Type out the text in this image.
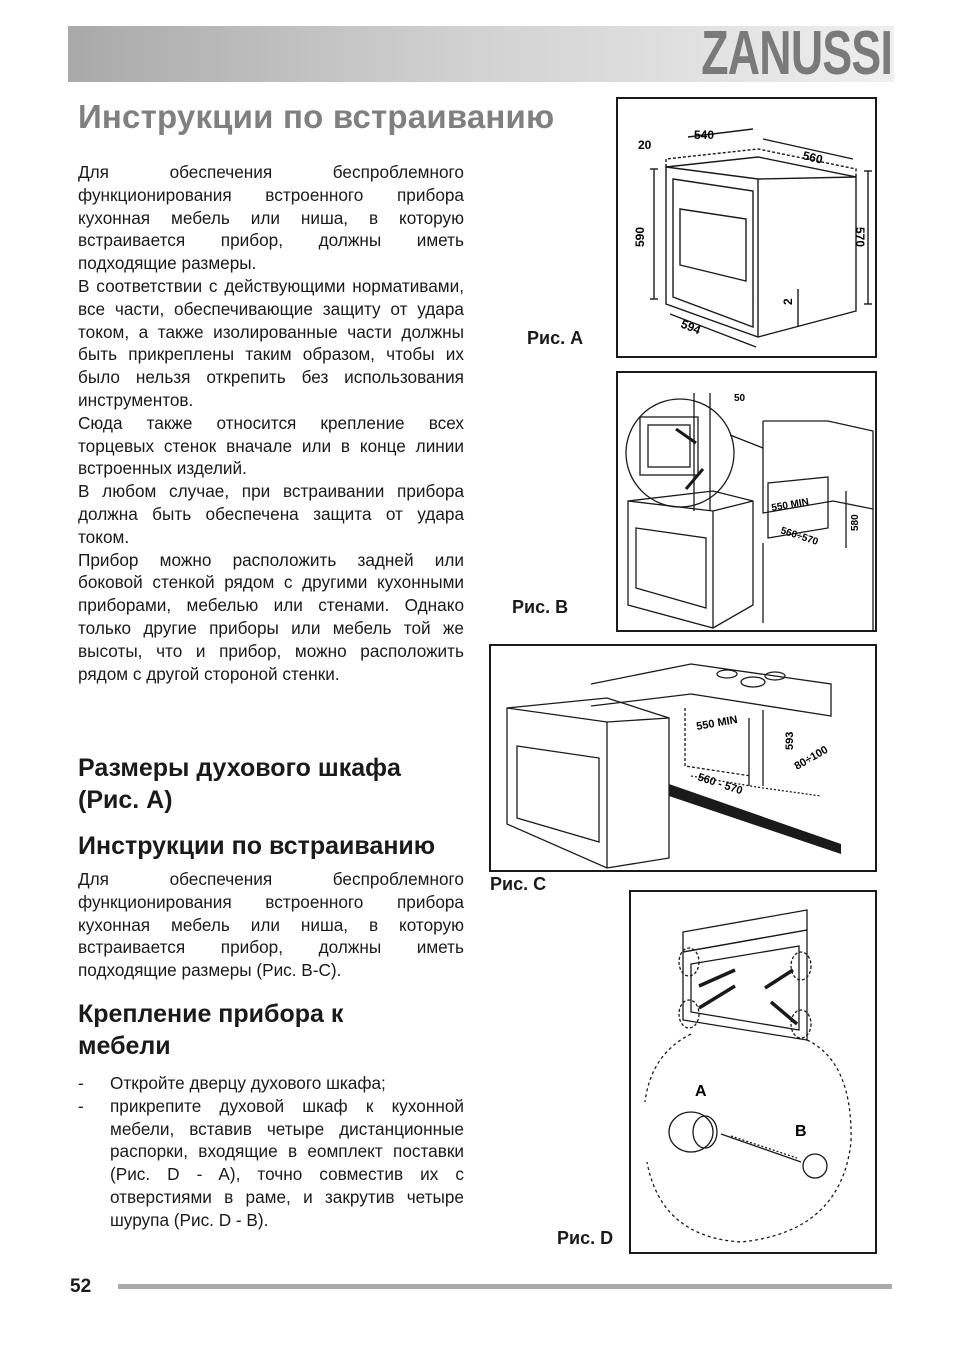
ZANUSSI
Инструкции по встраиванию

Для обеспечения беспроблемного функционирования встроенного прибора кухонная мебель или ниша, в которую встраивается прибор, должны иметь подходящие размеры.

В соответствии с действующими нормативами, все части, обеспечивающие защиту от удара током, а также изолированные части должны быть прикреплены таким образом, чтобы их было нельзя открепить без использования инструментов.

Сюда также относится крепление всех торцевых стенок вначале или в конце линии встроенных изделий.

В любом случае, при встраивании прибора должна быть обеспечена защита от удара током.

Прибор можно расположить задней или боковой стенкой рядом с другими кухонными приборами, мебелью или стенами. Однако только другие приборы или мебель той же высоты, что и прибор, можно расположить рядом с другой стороной стенки.

Размеры духового шкафа (Рис. A)
Инструкции по встраиванию

Для обеспечения беспроблемного функционирования встроенного прибора кухонная мебель или ниша, в которую встраивается прибор, должны иметь подходящие размеры (Рис. B-C).

Крепление прибора к мебели
- Откройте дверцу духового шкафа;
- прикрепите духовой шкаф к кухонной мебели, вставив четыре дистанционные распорки, входящие в еомплект поставки (Рис. D - A), точно совместив их с отверстиями в раме, и закрутив четыре шурупа (Рис. D - B).
20
540
560
590	570
2
594
Рис. A
50
550 MIN
560÷570
580
Рис. B
550 MIN
593
80÷100
560 - 570
Рис. C
A
B
Рис. D
52
